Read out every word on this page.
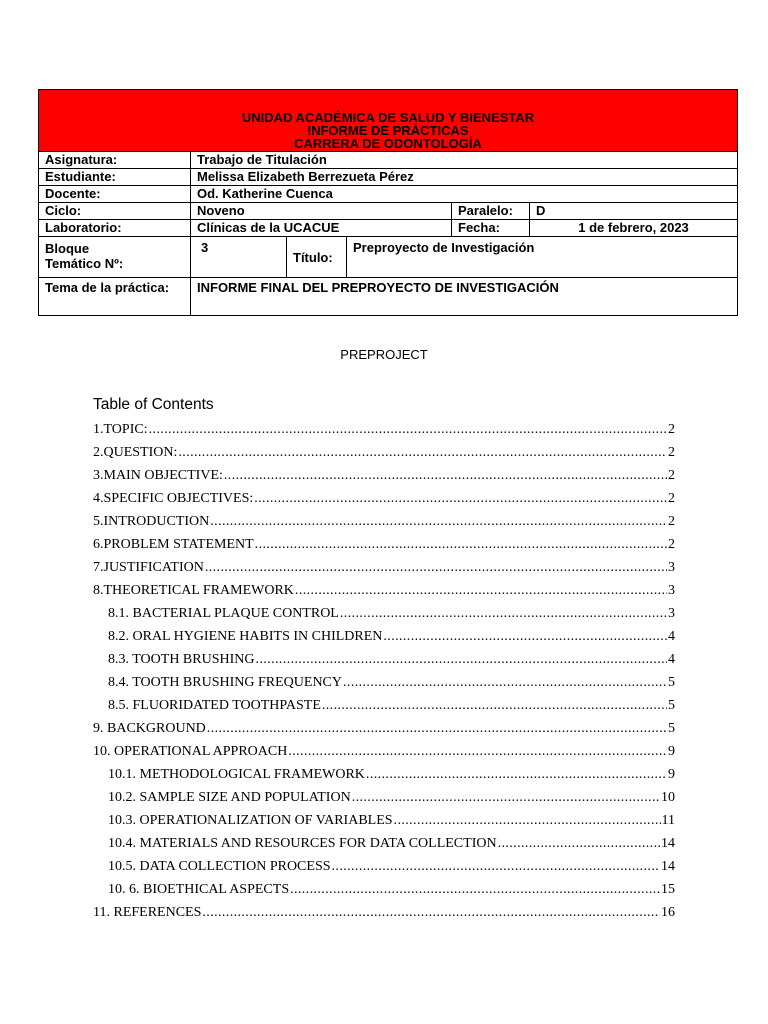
UNIDAD ACADÉMICA DE SALUD Y BIENESTAR
INFORME DE PRÁCTICAS
CARRERA DE ODONTOLOGÍA					

Asignatura:	Trabajo de Titulación				
Estudiante:	Melissa Elizabeth Berrezueta Pérez				
Docente:	Od. Katherine Cuenca				
Ciclo:	Noveno			Paralelo:	D
Laboratorio:	Clínicas de la UCACUE			Fecha:	1 de febrero, 2023

Bloque
Temático Nº:	3	Título:	Preproyecto de Investigación		
Tema de la práctica:	INFORME FINAL DEL PREPROYECTO DE INVESTIGACIÓN				
PREPROJECT
Table of Contents
1.TOPIC: .....	2
2.QUESTION: .....	2
3.MAIN OBJECTIVE: .....	2
4.SPECIFIC OBJECTIVES: .....	2
5.INTRODUCTION .....	2
6.PROBLEM STATEMENT .....	2
7.JUSTIFICATION .....	3
8.THEORETICAL FRAMEWORK .....	3
8.1. BACTERIAL PLAQUE CONTROL .....	3
8.2. ORAL HYGIENE HABITS IN CHILDREN .....	4
8.3. TOOTH BRUSHING .....	4
8.4. TOOTH BRUSHING FREQUENCY .....	5
8.5. FLUORIDATED TOOTHPASTE .....	5
9. BACKGROUND .....	5
10. OPERATIONAL APPROACH .....	9
10.1. METHODOLOGICAL FRAMEWORK .....	9
10.2. SAMPLE SIZE AND POPULATION .....	10
10.3. OPERATIONALIZATION OF VARIABLES .....	11
10.4. MATERIALS AND RESOURCES FOR DATA COLLECTION .....	14
10.5. DATA COLLECTION PROCESS .....	14
10. 6. BIOETHICAL ASPECTS .....	15
11. REFERENCES .....	16
